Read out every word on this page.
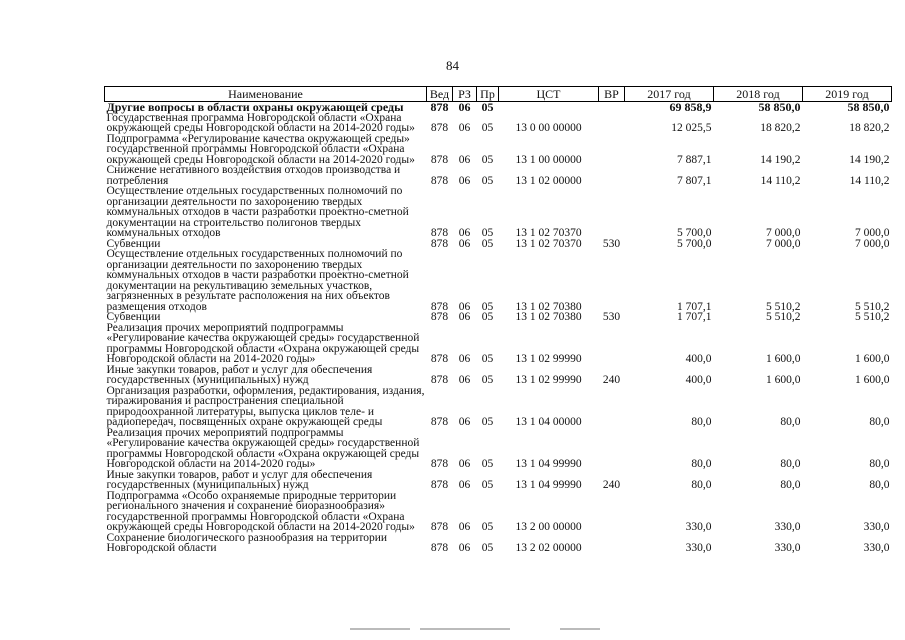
84
Наименование	Вед	РЗ	Пр	ЦСТ	ВР	2017 год	2018 год	2019 год
Другие вопросы в области охраны окружающей среды	878	06	05			69 858,9	58 850,0	58 850,0
Государственная программа Новгородской области «Охрана окружающей среды Новгородской области на 2014-2020 годы»	878	06	05	13 0 00 00000		12 025,5	18 820,2	18 820,2
Подпрограмма «Регулирование качества окружающей среды» государственной программы Новгородской области «Охрана окружающей среды Новгородской области на 2014-2020 годы»	878	06	05	13 1 00 00000		7 887,1	14 190,2	14 190,2
Снижение негативного воздействия отходов производства и потребления	878	06	05	13 1 02 00000		7 807,1	14 110,2	14 110,2
Осуществление отдельных государственных полномочий по организации деятельности по захоронению твердых коммунальных отходов в части разработки проектно-сметной документации на строительство полигонов твердых коммунальных отходов	878	06	05	13 1 02 70370		5 700,0	7 000,0	7 000,0
Субвенции	878	06	05	13 1 02 70370	530	5 700,0	7 000,0	7 000,0
Осуществление отдельных государственных полномочий по организации деятельности по захоронению твердых коммунальных отходов в части разработки проектно-сметной документации на рекультивацию земельных участков, загрязненных в результате расположения на них объектов размещения отходов	878	06	05	13 1 02 70380		1 707,1	5 510,2	5 510,2
Субвенции	878	06	05	13 1 02 70380	530	1 707,1	5 510,2	5 510,2
Реализация прочих мероприятий подпрограммы «Регулирование качества окружающей среды» государственной программы Новгородской области «Охрана окружающей среды Новгородской области на 2014-2020 годы»	878	06	05	13 1 02 99990		400,0	1 600,0	1 600,0
Иные закупки товаров, работ и услуг для обеспечения государственных (муниципальных) нужд	878	06	05	13 1 02 99990	240	400,0	1 600,0	1 600,0
Организация разработки, оформления, редактирования, издания, тиражирования и распространения специальной природоохранной литературы, выпуска циклов теле- и радиопередач, посвященных охране окружающей среды	878	06	05	13 1 04 00000		80,0	80,0	80,0
Реализация прочих мероприятий подпрограммы «Регулирование качества окружающей среды» государственной программы Новгородской области «Охрана окружающей среды Новгородской области на 2014-2020 годы»	878	06	05	13 1 04 99990		80,0	80,0	80,0
Иные закупки товаров, работ и услуг для обеспечения государственных (муниципальных) нужд	878	06	05	13 1 04 99990	240	80,0	80,0	80,0
Подпрограмма «Особо охраняемые природные территории регионального значения и сохранение биоразнообразия» государственной программы Новгородской области «Охрана окружающей среды Новгородской области на 2014-2020 годы»	878	06	05	13 2 00 00000		330,0	330,0	330,0
Сохранение биологического разнообразия на территории Новгородской области	878	06	05	13 2 02 00000		330,0	330,0	330,0
